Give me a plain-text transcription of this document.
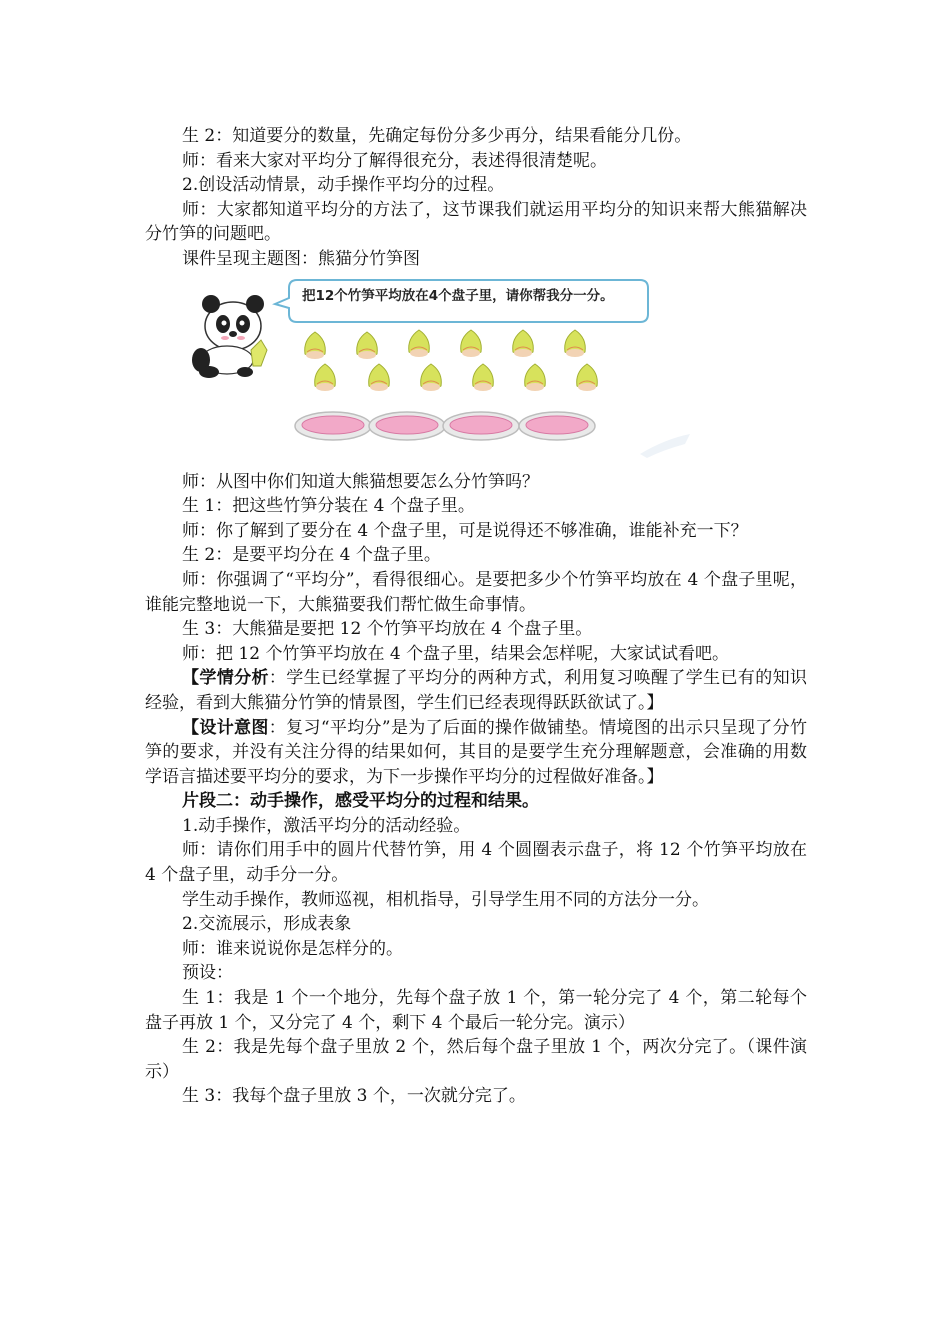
生 2：知道要分的数量，先确定每份分多少再分，结果看能分几份。

师：看来大家对平均分了解得很充分，表述得很清楚呢。

2.创设活动情景，动手操作平均分的过程。

师：大家都知道平均分的方法了，这节课我们就运用平均分的知识来帮大熊猫解决分竹笋的问题吧。

课件呈现主题图：熊猫分竹笋图

把12个竹笋平均放在4个盘子里，请你帮我分一分。

师：从图中你们知道大熊猫想要怎么分竹笋吗？

生 1：把这些竹笋分装在 4 个盘子里。

师：你了解到了要分在 4 个盘子里，可是说得还不够准确，谁能补充一下？

生 2：是要平均分在 4 个盘子里。

师：你强调了“平均分”，看得很细心。是要把多少个竹笋平均放在 4 个盘子里呢，谁能完整地说一下，大熊猫要我们帮忙做生命事情。

生 3：大熊猫是要把 12 个竹笋平均放在 4 个盘子里。

师：把 12 个竹笋平均放在 4 个盘子里，结果会怎样呢，大家试试看吧。

【学情分析：学生已经掌握了平均分的两种方式，利用复习唤醒了学生已有的知识经验，看到大熊猫分竹笋的情景图，学生们已经表现得跃跃欲试了。】

【设计意图：复习“平均分”是为了后面的操作做铺垫。情境图的出示只呈现了分竹笋的要求，并没有关注分得的结果如何，其目的是要学生充分理解题意，会准确的用数学语言描述要平均分的要求，为下一步操作平均分的过程做好准备。】

片段二：动手操作，感受平均分的过程和结果。

1.动手操作，激活平均分的活动经验。

师：请你们用手中的圆片代替竹笋，用 4 个圆圈表示盘子，将 12 个竹笋平均放在 4 个盘子里，动手分一分。

学生动手操作，教师巡视，相机指导，引导学生用不同的方法分一分。

2.交流展示，形成表象

师：谁来说说你是怎样分的。

预设：

生 1：我是 1 个一个地分，先每个盘子放 1 个，第一轮分完了 4 个，第二轮每个盘子再放 1 个，又分完了 4 个，剩下 4 个最后一轮分完。演示）

生 2：我是先每个盘子里放 2 个，然后每个盘子里放 1 个，两次分完了。（课件演示）

生 3：我每个盘子里放 3 个，一次就分完了。
